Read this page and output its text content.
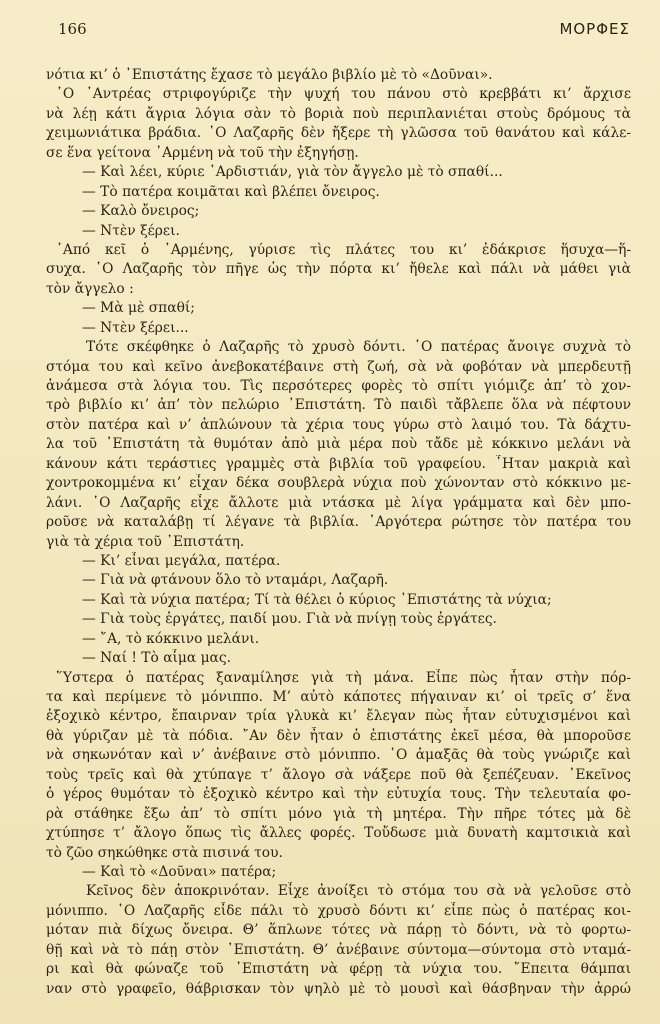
166	ΜΟΡΦΕΣ
νότια κι’ ὁ ᾿Επιστάτης ἔχασε τὸ μεγάλο βιβλίο μὲ τὸ «Δοῦναι».
῾Ο ᾿Αντρέας στριφογύριζε τὴν ψυχή του πάνου στὸ κρεββάτι κι’ ἄρχισε
νὰ λέῃ κάτι ἄγρια λόγια σὰν τὸ βοριὰ ποὺ περιπλανιέται στοὺς δρόμους τὰ
χειμωνιάτικα βράδια. ῾Ο Λαζαρῆς δὲν ἤξερε τὴ γλῶσσα τοῦ θανάτου καὶ κάλε-
σε ἕνα γείτονα ᾿Αρμένη νὰ τοῦ τὴν ἐξηγήσῃ.
— Καὶ λέει, κύριε ᾿Αρδιστιάν, γιὰ τὸν ἄγγελο μὲ τὸ σπαθί...
— Τὸ πατέρα κοιμᾶται καὶ βλέπει ὄνειρος.
— Καλὸ ὄνειρος;
— Ντὲν ξέρει.
᾿Από κεῖ ὁ ᾿Αρμένης, γύρισε τὶς πλάτες του κι’ ἐδάκρισε ἥσυχα—ἥ-
συχα. ῾Ο Λαζαρῆς τὸν πῆγε ὡς τὴν πόρτα κι’ ἤθελε καὶ πάλι νὰ μάθει γιὰ
τὸν ἄγγελο :
— Μὰ μὲ σπαθί;
— Ντὲν ξέρει...
Τότε σκέφθηκε ὁ Λαζαρῆς τὸ χρυσὸ δόντι. ῾Ο πατέρας ἄνοιγε συχνὰ τὸ
στόμα του καὶ κεῖνο ἀνεβοκατέβαινε στὴ ζωή, σὰ νὰ φοβόταν νὰ μπερδευτῇ
ἀνάμεσα στὰ λόγια του. Τὶς περσότερες φορὲς τὸ σπίτι γιόμιζε ἀπ’ τὸ χον-
τρὸ βιβλίο κι’ ἀπ’ τὸν πελώριο ᾿Επιστάτη. Τὸ παιδὶ τἄβλεπε ὅλα νὰ πέφτουν
στὸν πατέρα καὶ ν’ ἁπλώνουν τὰ χέρια τους γύρω στὸ λαιμό του. Τὰ δάχτυ-
λα τοῦ ᾿Επιστάτη τὰ θυμόταν ἀπὸ μιὰ μέρα ποὺ τἄδε μὲ κόκκινο μελάνι νὰ
κάνουν κάτι τεράστιες γραμμὲς στὰ βιβλία τοῦ γραφείου. ῏Ηταν μακριὰ καὶ
χοντροκομμένα κι’ εἶχαν δέκα σουβλερὰ νύχια ποὺ χώνονταν στὸ κόκκινο με-
λάνι. ῾Ο Λαζαρῆς εἶχε ἄλλοτε μιὰ ντάσκα μὲ λίγα γράμματα καὶ δὲν μπο-
ροῦσε νὰ καταλάβῃ τί λέγανε τὰ βιβλία. ᾿Αργότερα ρώτησε τὸν πατέρα του
γιὰ τὰ χέρια τοῦ ᾿Επιστάτη.
— Κι’ εἶναι μεγάλα, πατέρα.
— Γιὰ νὰ φτάνουν ὅλο τὸ νταμάρι, Λαζαρῆ.
— Καὶ τὰ νύχια πατέρα; Τί τὰ θέλει ὁ κύριος ᾿Επιστάτης τὰ νύχια;
— Γιὰ τοὺς ἐργάτες, παιδί μου. Γιὰ νὰ πνίγῃ τοὺς ἐργάτες.
— ῎Α, τὸ κόκκινο μελάνι.
— Ναί ! Τὸ αἷμα μας.
῞Υστερα ὁ πατέρας ξαναμίλησε γιὰ τὴ μάνα. Εἶπε πὼς ἦταν στὴν πόρ-
τα καὶ περίμενε τὸ μόνιππο. Μ’ αὐτὸ κάποτες πήγαιναν κι’ οἱ τρεῖς σ’ ἕνα
ἐξοχικὸ κέντρο, ἔπαιρναν τρία γλυκὰ κι’ ἔλεγαν πὼς ἦταν εὐτυχισμένοι καὶ
θὰ γύριζαν μὲ τὰ πόδια. ῎Αν δὲν ἦταν ὁ ἐπιστάτης ἐκεῖ μέσα, θὰ μποροῦσε
νὰ σηκωνόταν καὶ ν’ ἀνέβαινε στὸ μόνιππο. ῾Ο ἁμαξᾶς θὰ τοὺς γνώριζε καὶ
τοὺς τρεῖς καὶ θὰ χτύπαγε τ’ ἄλογο σὰ νάξερε ποῦ θὰ ξεπέζευαν. ᾿Εκεῖνος
ὁ γέρος θυμόταν τὸ ἐξοχικὸ κέντρο καὶ τὴν εὐτυχία τους. Τὴν τελευταία φο-
ρὰ στάθηκε ἔξω ἀπ’ τὸ σπίτι μόνο γιὰ τὴ μητέρα. Τὴν πῆρε τότες μὰ δὲ
χτύπησε τ’ ἄλογο ὅπως τὶς ἄλλες φορές. Τοὔδωσε μιὰ δυνατὴ καμτσικιὰ καὶ
τὸ ζῶο σηκώθηκε στὰ πισινά του.
— Καὶ τὸ «Δοῦναι» πατέρα;
Κεῖνος δὲν ἀποκρινόταν. Εἶχε ἀνοίξει τὸ στόμα του σὰ νὰ γελοῦσε στὸ
μόνιππο. ῾Ο Λαζαρῆς εἶδε πάλι τὸ χρυσὸ δόντι κι’ εἶπε πὼς ὁ πατέρας κοι-
μόταν πιὰ δίχως ὄνειρα. Θ’ ἅπλωνε τότες νὰ πάρῃ τὸ δόντι, νὰ τὸ φορτω-
θῇ καὶ νὰ τὸ πάῃ στὸν ᾿Επιστάτη. Θ’ ἀνέβαινε σύντομα—σύντομα στὸ νταμά-
ρι καὶ θὰ φώναζε τοῦ ᾿Επιστάτη νὰ φέρῃ τὰ νύχια του. ῎Επειτα θάμπαι
ναν στὸ γραφεῖο, θάβρισκαν τὸν ψηλὸ μὲ τὸ μουσὶ καὶ θάσβηναν τὴν ἀρρώ
